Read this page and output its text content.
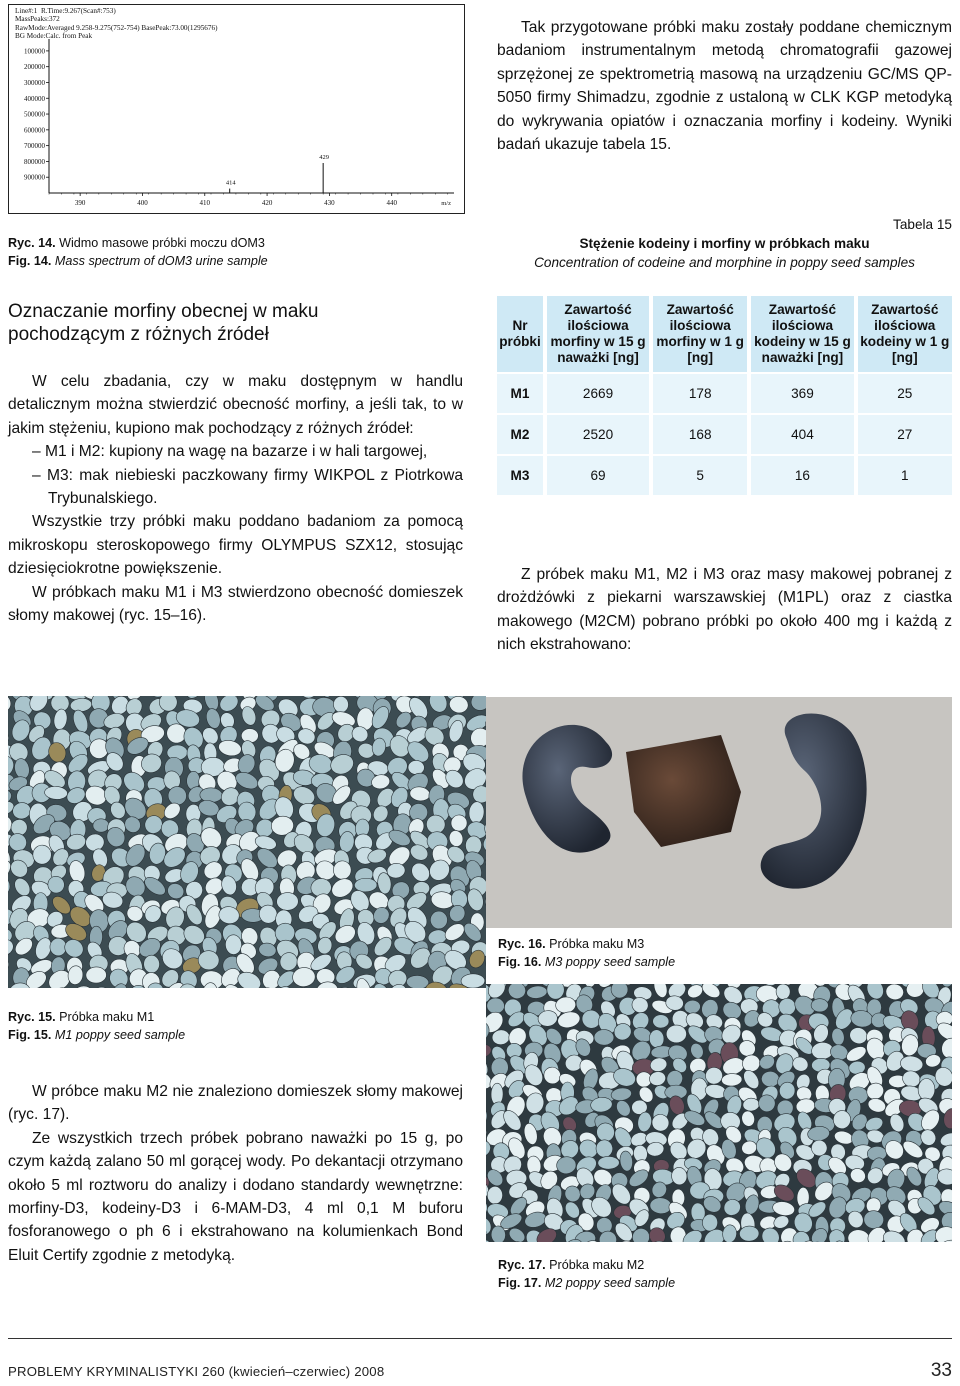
Line#:1  R.Time:9.267(Scan#:753)
MassPeaks:372
RawMode:Averaged 9.258-9.275(752-754) BasePeak:73.00(1295676)
BG Mode:Calc. from Peak
900000
800000
700000
600000
500000
400000
300000
200000
100000
390	400	410	420	430	440	m/z
414
429
Ryc. 14. Widmo masowe próbki moczu dOM3
Fig. 14. Mass spectrum of dOM3 urine sample

Tak przygotowane próbki maku zostały poddane chemicznym badaniom instrumentalnym metodą chromatografii gazowej sprzężonej ze spektrometrią masową na urządzeniu GC/MS QP-5050 firmy Shimadzu, zgodnie z ustaloną w CLK KGP metodyką do wykrywania opiatów i oznaczania morfiny i kodeiny. Wyniki badań ukazuje tabela 15.

Tabela 15
Stężenie kodeiny i morfiny w próbkach maku
Concentration of codeine and morphine in poppy seed samples
Nr próbki	Zawartość ilościowa morfiny w 15 g naważki [ng]	Zawartość ilościowa morfiny w 1 g [ng]	Zawartość ilościowa kodeiny w 15 g naważki [ng]	Zawartość ilościowa kodeiny w 1 g [ng]
M1	2669	178	369	25
M2	2520	168	404	27
M3	69	5	16	1
Oznaczanie morfiny obecnej w maku pochodzącym z różnych źródeł

W celu zbadania, czy w maku dostępnym w handlu detalicznym można stwierdzić obecność morfiny, a jeśli tak, to w jakim stężeniu, kupiono mak pochodzący z różnych źródeł:

– M1 i M2: kupiony na wagę na bazarze i w hali targowej,
– M3: mak niebieski paczkowany firmy WIKPOL z Piotrkowa Trybunalskiego.

Wszystkie trzy próbki maku poddano badaniom za pomocą mikroskopu steroskopowego firmy OLYMPUS SZX12, stosując dziesięciokrotne powiększenie.

W próbkach maku M1 i M3 stwierdzono obecność domieszek słomy makowej (ryc. 15–16).

Z próbek maku M1, M2 i M3 oraz masy makowej pobranej z drożdżówki z piekarni warszawskiej (M1PL) oraz z ciastka makowego (M2CM) pobrano próbki po około 400 mg i każdą z nich ekstrahowano:

Ryc. 16. Próbka maku M3
Fig. 16. M3 poppy seed sample
Ryc. 15. Próbka maku M1
Fig. 15. M1 poppy seed sample
Ryc. 17. Próbka maku M2
Fig. 17. M2 poppy seed sample

W próbce maku M2 nie znaleziono domieszek słomy makowej (ryc. 17).

Ze wszystkich trzech próbek pobrano naważki po 15 g, po czym każdą zalano 50 ml gorącej wody. Po dekantacji otrzymano około 5 ml roztworu do analizy i dodano standardy wewnętrzne: morfiny-D3, kodeiny-D3 i 6-MAM-D3, 4 ml 0,1 M buforu fosforanowego o ph 6 i ekstrahowano na kolumienkach Bond Eluit Certify zgodnie z metodyką.

PROBLEMY KRYMINALISTYKI 260 (kwiecień–czerwiec) 2008	33
